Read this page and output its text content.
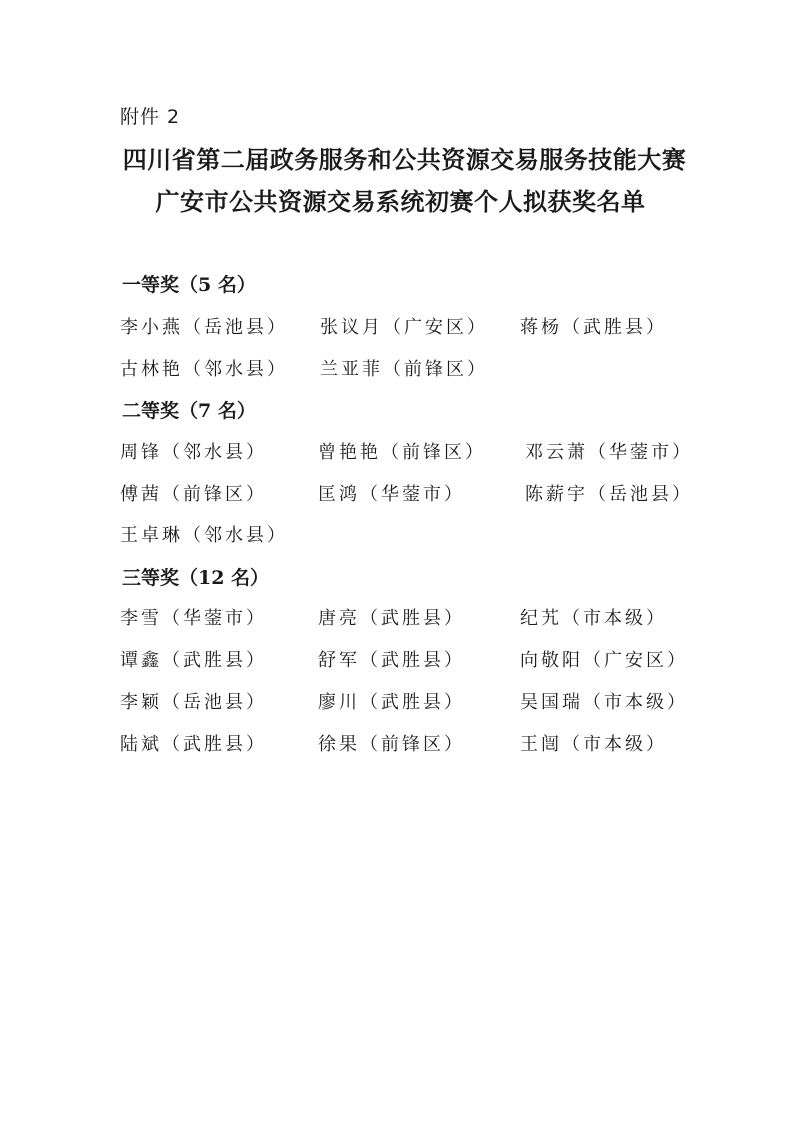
附件 2
四川省第二届政务服务和公共资源交易服务技能大赛
广安市公共资源交易系统初赛个人拟获奖名单
一等奖（5 名）
李小燕（岳池县） 张议月（广安区） 蒋杨（武胜县）
古林艳（邻水县） 兰亚菲（前锋区）
二等奖（7 名）
周锋（邻水县）	曾艳艳（前锋区） 邓云萧（华蓥市）
傅茜（前锋区）	匡鸿（华蓥市）	陈薪宇（岳池县）
王卓琳（邻水县）
三等奖（12 名）
李雪（华蓥市）	唐亮（武胜县）	纪艽（市本级）
谭鑫（武胜县）	舒军（武胜县）	向敬阳（广安区）
李颖（岳池县）	廖川（武胜县）	吴国瑞（市本级）
陆斌（武胜县）	徐果（前锋区）	王闿（市本级）
